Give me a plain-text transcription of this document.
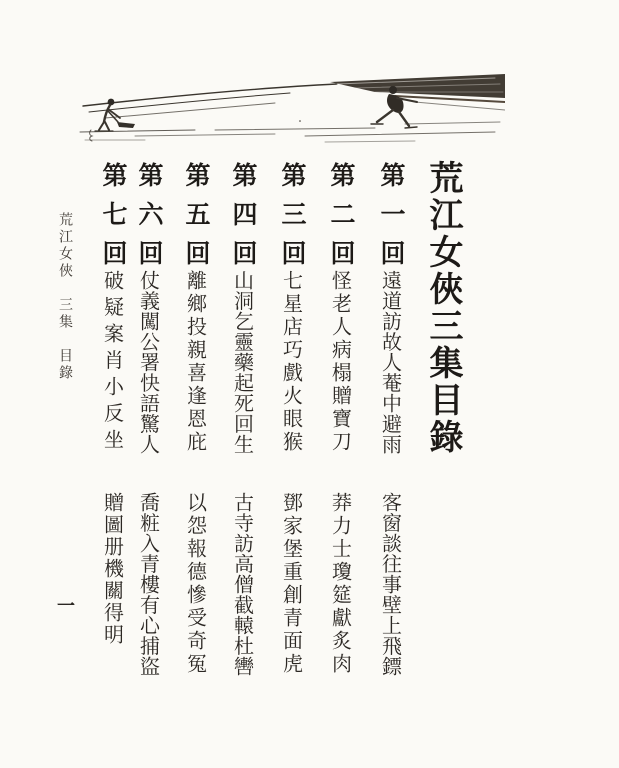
荒江女俠三集目錄
第一回
遠道訪故人菴中避雨
客窗談往事壁上飛鏢
第二回
怪老人病榻贈寶刀
莽力士瓊筵獻炙肉
第三回
七星店巧戲火眼猴
鄧家堡重創青面虎
第四回
山洞乞靈藥起死回生
古寺訪高僧截轅杜轡
第五回
離鄉投親喜逢恩庇
以怨報德慘受奇冤
第六回
仗義闖公署快語驚人
喬粧入青樓有心捕盜
第七回
破疑案肖小反坐
贈圖册機關得明
荒江女俠　三集　目錄
一
